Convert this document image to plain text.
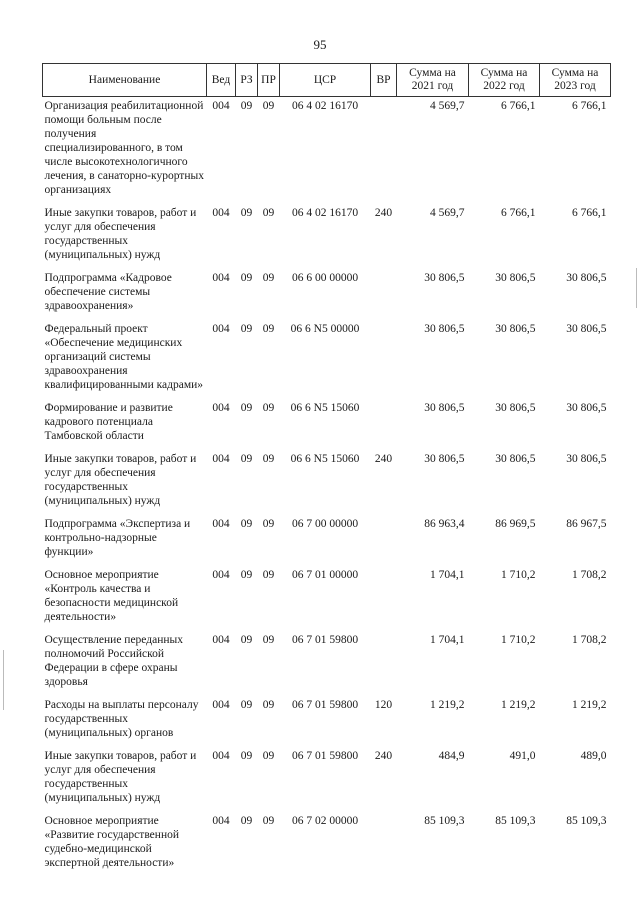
95
Наименование	Вед	РЗ	ПР	ЦСР	ВР	Сумма на 2021 год	Сумма на 2022 год	Сумма на 2023 год
Организация реабилитационной помощи больным после получения специализированного, в том числе высокотехнологичного лечения, в санаторно-курортных организациях	004	09	09	06 4 02 16170		4 569,7	6 766,1	6 766,1
Иные закупки товаров, работ и услуг для обеспечения государственных (муниципальных) нужд	004	09	09	06 4 02 16170	240	4 569,7	6 766,1	6 766,1
Подпрограмма «Кадровое обеспечение системы здравоохранения»	004	09	09	06 6 00 00000		30 806,5	30 806,5	30 806,5
Федеральный проект «Обеспечение медицинских организаций системы здравоохранения квалифицированными кадрами»	004	09	09	06 6 N5 00000		30 806,5	30 806,5	30 806,5
Формирование и развитие кадрового потенциала Тамбовской области	004	09	09	06 6 N5 15060		30 806,5	30 806,5	30 806,5
Иные закупки товаров, работ и услуг для обеспечения государственных (муниципальных) нужд	004	09	09	06 6 N5 15060	240	30 806,5	30 806,5	30 806,5
Подпрограмма «Экспертиза и контрольно-надзорные функции»	004	09	09	06 7 00 00000		86 963,4	86 969,5	86 967,5
Основное мероприятие «Контроль качества и безопасности медицинской деятельности»	004	09	09	06 7 01 00000		1 704,1	1 710,2	1 708,2
Осуществление переданных полномочий Российской Федерации в сфере охраны здоровья	004	09	09	06 7 01 59800		1 704,1	1 710,2	1 708,2
Расходы на выплаты персоналу государственных (муниципальных) органов	004	09	09	06 7 01 59800	120	1 219,2	1 219,2	1 219,2
Иные закупки товаров, работ и услуг для обеспечения государственных (муниципальных) нужд	004	09	09	06 7 01 59800	240	484,9	491,0	489,0
Основное мероприятие «Развитие государственной судебно-медицинской экспертной деятельности»	004	09	09	06 7 02 00000		85 109,3	85 109,3	85 109,3
